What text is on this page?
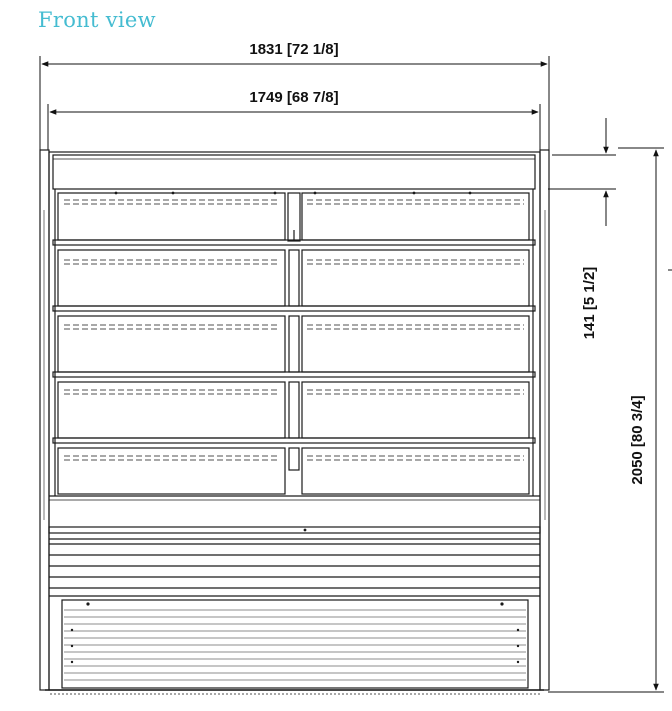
Front view
1831 [72 1/8]
1749 [68 7/8]
141 [5 1/2]
2050 [80 3/4]
